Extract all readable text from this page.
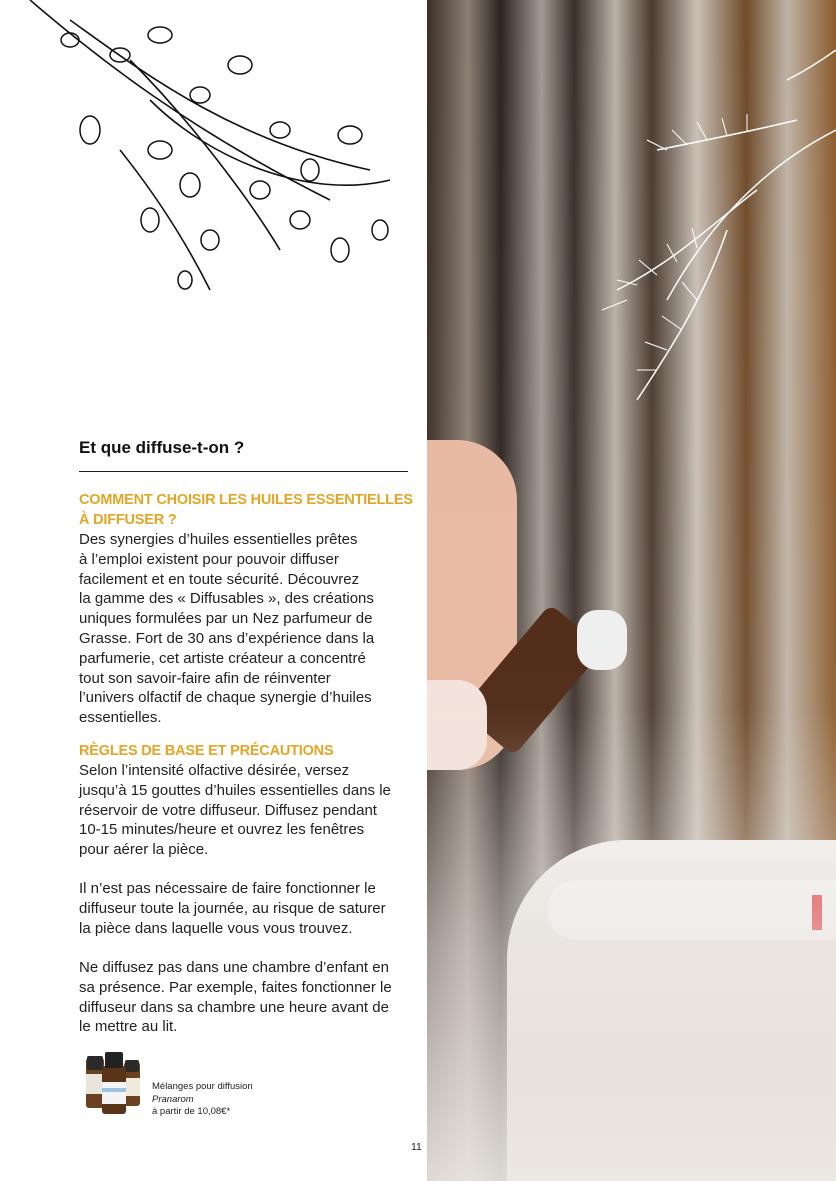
Et que diffuse-t-on ?
COMMENT CHOISIR LES HUILES ESSENTIELLES À DIFFUSER ?

Des synergies d’huiles essentielles prêtes
à l’emploi existent pour pouvoir diffuser
facilement et en toute sécurité. Découvrez
la gamme des « Diffusables », des créations
uniques formulées par un Nez parfumeur de
Grasse. Fort de 30 ans d’expérience dans la
parfumerie, cet artiste créateur a concentré
tout son savoir-faire afin de réinventer
l’univers olfactif de chaque synergie d’huiles
essentielles.

RÈGLES DE BASE ET PRÉCAUTIONS

Selon l’intensité olfactive désirée, versez
jusqu’à 15 gouttes d’huiles essentielles dans le
réservoir de votre diffuseur. Diffusez pendant
10-15 minutes/heure et ouvrez les fenêtres
pour aérer la pièce.

Il n’est pas nécessaire de faire fonctionner le
diffuseur toute la journée, au risque de saturer
la pièce dans laquelle vous vous trouvez.

Ne diffusez pas dans une chambre d’enfant en
sa présence. Par exemple, faites fonctionner le
diffuseur dans sa chambre une heure avant de
le mettre au lit.

Mélanges pour diffusion
Pranarom
à partir de 10,08€*
11
